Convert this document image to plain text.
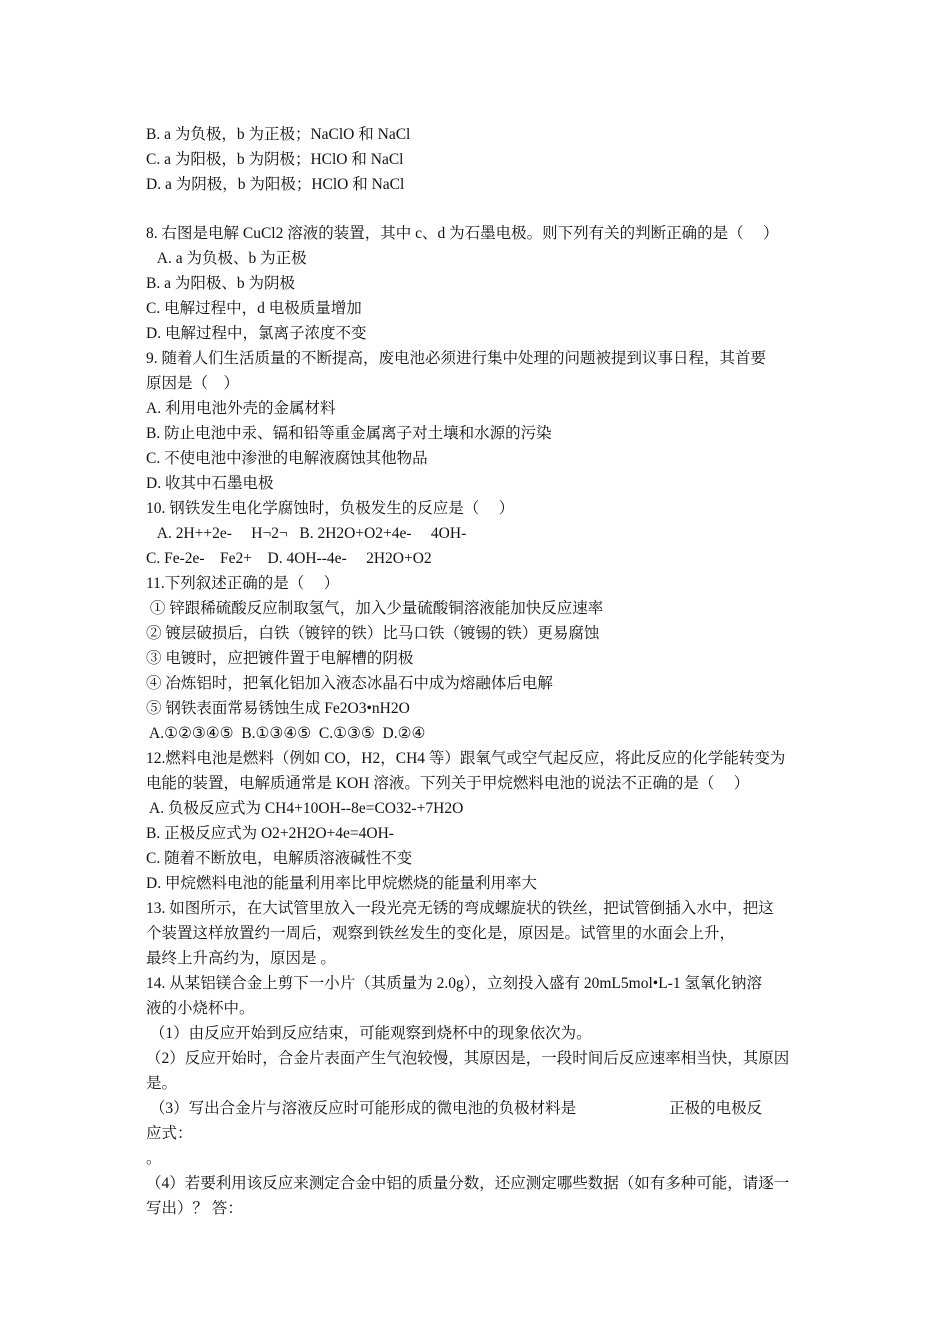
B. a 为负极，b 为正极；NaClO 和 NaCl
C. a 为阳极，b 为阴极；HClO 和 NaCl
D. a 为阴极，b 为阳极；HClO 和 NaCl
8. 右图是电解 CuCl2 溶液的装置，其中 c、d 为石墨电极。则下列有关的判断正确的是（     ）
A. a 为负极、b 为正极
B. a 为阳极、b 为阴极
C. 电解过程中，d 电极质量增加
D. 电解过程中，氯离子浓度不变
9. 随着人们生活质量的不断提高，废电池必须进行集中处理的问题被提到议事日程，其首要
原因是（    ）
A. 利用电池外壳的金属材料
B. 防止电池中汞、镉和铅等重金属离子对土壤和水源的污染
C. 不使电池中渗泄的电解液腐蚀其他物品
D. 收其中石墨电极
10. 钢铁发生电化学腐蚀时，负极发生的反应是（     ）
A. 2H++2e-     H¬2¬   B. 2H2O+O2+4e-     4OH-
C. Fe-2e-    Fe2+    D. 4OH--4e-     2H2O+O2
11.下列叙述正确的是（     ）
① 锌跟稀硫酸反应制取氢气，加入少量硫酸铜溶液能加快反应速率
② 镀层破损后，白铁（镀锌的铁）比马口铁（镀锡的铁）更易腐蚀
③ 电镀时，应把镀件置于电解槽的阴极
④ 冶炼铝时，把氧化铝加入液态冰晶石中成为熔融体后电解
⑤ 钢铁表面常易锈蚀生成 Fe2O3•nH2O
A.①②③④⑤  B.①③④⑤  C.①③⑤  D.②④
12.燃料电池是燃料（例如 CO，H2，CH4 等）跟氧气或空气起反应，将此反应的化学能转变为
电能的装置，电解质通常是 KOH 溶液。下列关于甲烷燃料电池的说法不正确的是（     ）
A. 负极反应式为 CH4+10OH--8e=CO32-+7H2O
B. 正极反应式为 O2+2H2O+4e=4OH-
C. 随着不断放电，电解质溶液碱性不变
D. 甲烷燃料电池的能量利用率比甲烷燃烧的能量利用率大
13. 如图所示，在大试管里放入一段光亮无锈的弯成螺旋状的铁丝，把试管倒插入水中，把这
个装置这样放置约一周后，观察到铁丝发生的变化是，原因是。试管里的水面会上升，
最终上升高约为，原因是 。
14. 从某铝镁合金上剪下一小片（其质量为 2.0g），立刻投入盛有 20mL5mol•L-1 氢氧化钠溶
液的小烧杯中。
（1）由反应开始到反应结束，可能观察到烧杯中的现象依次为。
（2）反应开始时，合金片表面产生气泡较慢，其原因是，一段时间后反应速率相当快，其原因
是。
（3）写出合金片与溶液反应时可能形成的微电池的负极材料是                        正极的电极反
应式：
。
（4）若要利用该反应来测定合金中铝的质量分数，还应测定哪些数据（如有多种可能，请逐一
写出）？ 答：
